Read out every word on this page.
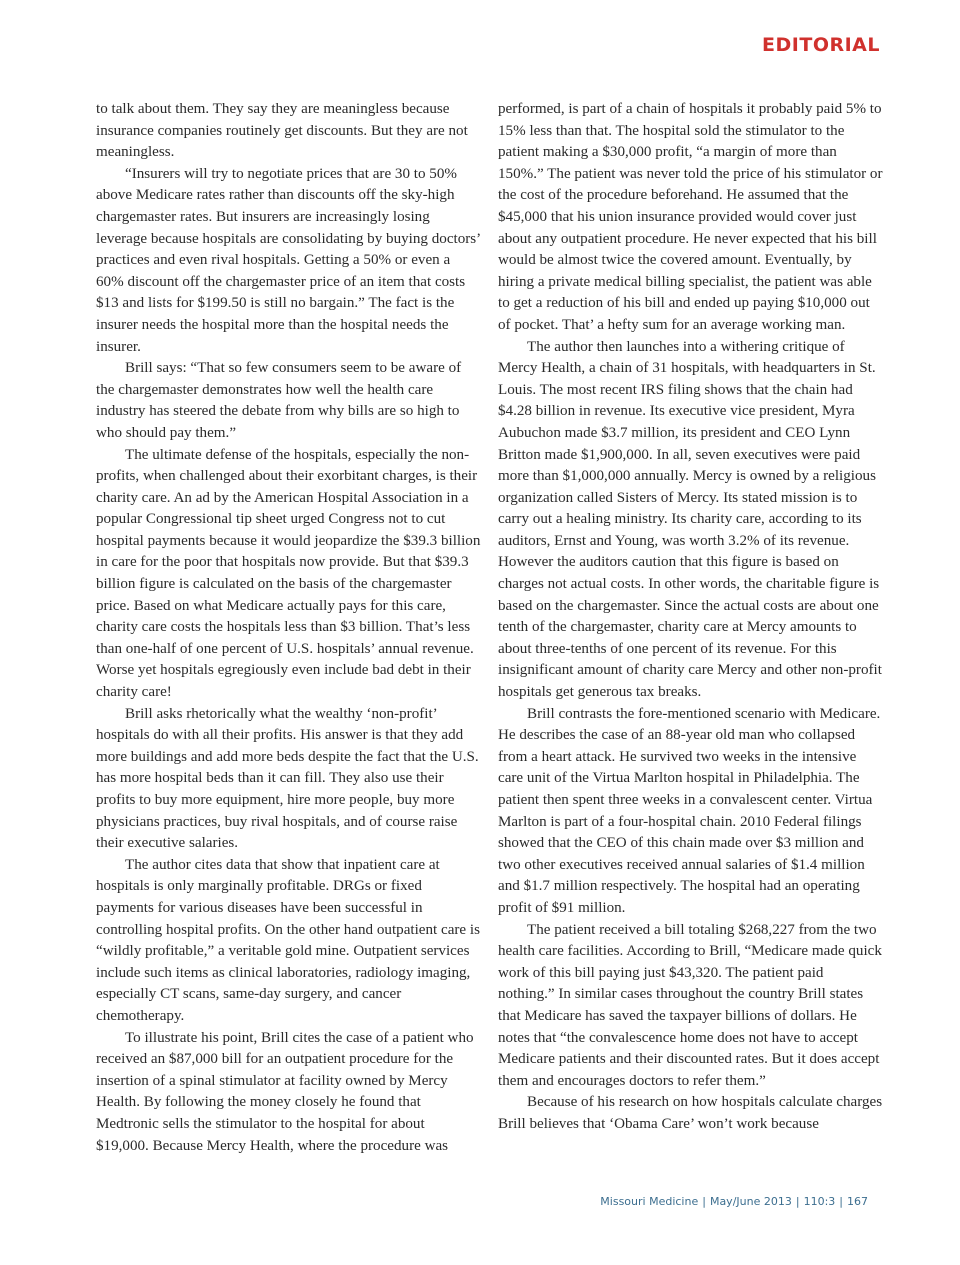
EDITORIAL

to talk about them. They say they are meaningless because insurance companies routinely get discounts. But they are not meaningless.

“Insurers will try to negotiate prices that are 30 to 50% above Medicare rates rather than discounts off the sky-high chargemaster rates. But insurers are increasingly losing leverage because hospitals are consolidating by buying doctors’ practices and even rival hospitals. Getting a 50% or even a 60% discount off the chargemaster price of an item that costs $13 and lists for $199.50 is still no bargain.” The fact is the insurer needs the hospital more than the hospital needs the insurer.

Brill says: “That so few consumers seem to be aware of the chargemaster demonstrates how well the health care industry has steered the debate from why bills are so high to who should pay them.”

The ultimate defense of the hospitals, especially the non-profits, when challenged about their exorbitant charges, is their charity care. An ad by the American Hospital Association in a popular Congressional tip sheet urged Congress not to cut hospital payments because it would jeopardize the $39.3 billion in care for the poor that hospitals now provide. But that $39.3 billion figure is calculated on the basis of the chargemaster price. Based on what Medicare actually pays for this care, charity care costs the hospitals less than $3 billion. That’s less than one-half of one percent of U.S. hospitals’ annual revenue. Worse yet hospitals egregiously even include bad debt in their charity care!

Brill asks rhetorically what the wealthy ‘non-profit’ hospitals do with all their profits. His answer is that they add more buildings and add more beds despite the fact that the U.S. has more hospital beds than it can fill. They also use their profits to buy more equipment, hire more people, buy more physicians practices, buy rival hospitals, and of course raise their executive salaries.

The author cites data that show that inpatient care at hospitals is only marginally profitable. DRGs or fixed payments for various diseases have been successful in controlling hospital profits. On the other hand outpatient care is “wildly profitable,” a veritable gold mine. Outpatient services include such items as clinical laboratories, radiology imaging, especially CT scans, same-day surgery, and cancer chemotherapy.

To illustrate his point, Brill cites the case of a patient who received an $87,000 bill for an outpatient procedure for the insertion of a spinal stimulator at facility owned by Mercy Health. By following the money closely he found that Medtronic sells the stimulator to the hospital for about $19,000. Because Mercy Health, where the procedure was

performed, is part of a chain of hospitals it probably paid 5% to 15% less than that. The hospital sold the stimulator to the patient making a $30,000 profit, “a margin of more than 150%.” The patient was never told the price of his stimulator or the cost of the procedure beforehand. He assumed that the $45,000 that his union insurance provided would cover just about any outpatient procedure. He never expected that his bill would be almost twice the covered amount. Eventually, by hiring a private medical billing specialist, the patient was able to get a reduction of his bill and ended up paying $10,000 out of pocket. That’ a hefty sum for an average working man.

The author then launches into a withering critique of Mercy Health, a chain of 31 hospitals, with headquarters in St. Louis. The most recent IRS filing shows that the chain had $4.28 billion in revenue. Its executive vice president, Myra Aubuchon made $3.7 million, its president and CEO Lynn Britton made $1,900,000. In all, seven executives were paid more than $1,000,000 annually. Mercy is owned by a religious organization called Sisters of Mercy. Its stated mission is to carry out a healing ministry. Its charity care, according to its auditors, Ernst and Young, was worth 3.2% of its revenue. However the auditors caution that this figure is based on charges not actual costs. In other words, the charitable figure is based on the chargemaster. Since the actual costs are about one tenth of the chargemaster, charity care at Mercy amounts to about three-tenths of one percent of its revenue. For this insignificant amount of charity care Mercy and other non-profit hospitals get generous tax breaks.

Brill contrasts the fore-mentioned scenario with Medicare. He describes the case of an 88-year old man who collapsed from a heart attack. He survived two weeks in the intensive care unit of the Virtua Marlton hospital in Philadelphia. The patient then spent three weeks in a convalescent center. Virtua Marlton is part of a four-hospital chain. 2010 Federal filings showed that the CEO of this chain made over $3 million and two other executives received annual salaries of $1.4 million and $1.7 million respectively. The hospital had an operating profit of $91 million.

The patient received a bill totaling $268,227 from the two health care facilities. According to Brill, “Medicare made quick work of this bill paying just $43,320. The patient paid nothing.” In similar cases throughout the country Brill states that Medicare has saved the taxpayer billions of dollars. He notes that “the convalescence home does not have to accept Medicare patients and their discounted rates. But it does accept them and encourages doctors to refer them.”

Because of his research on how hospitals calculate charges Brill believes that ‘Obama Care’ won’t work because

Missouri Medicine | May/June 2013 | 110:3 | 167
